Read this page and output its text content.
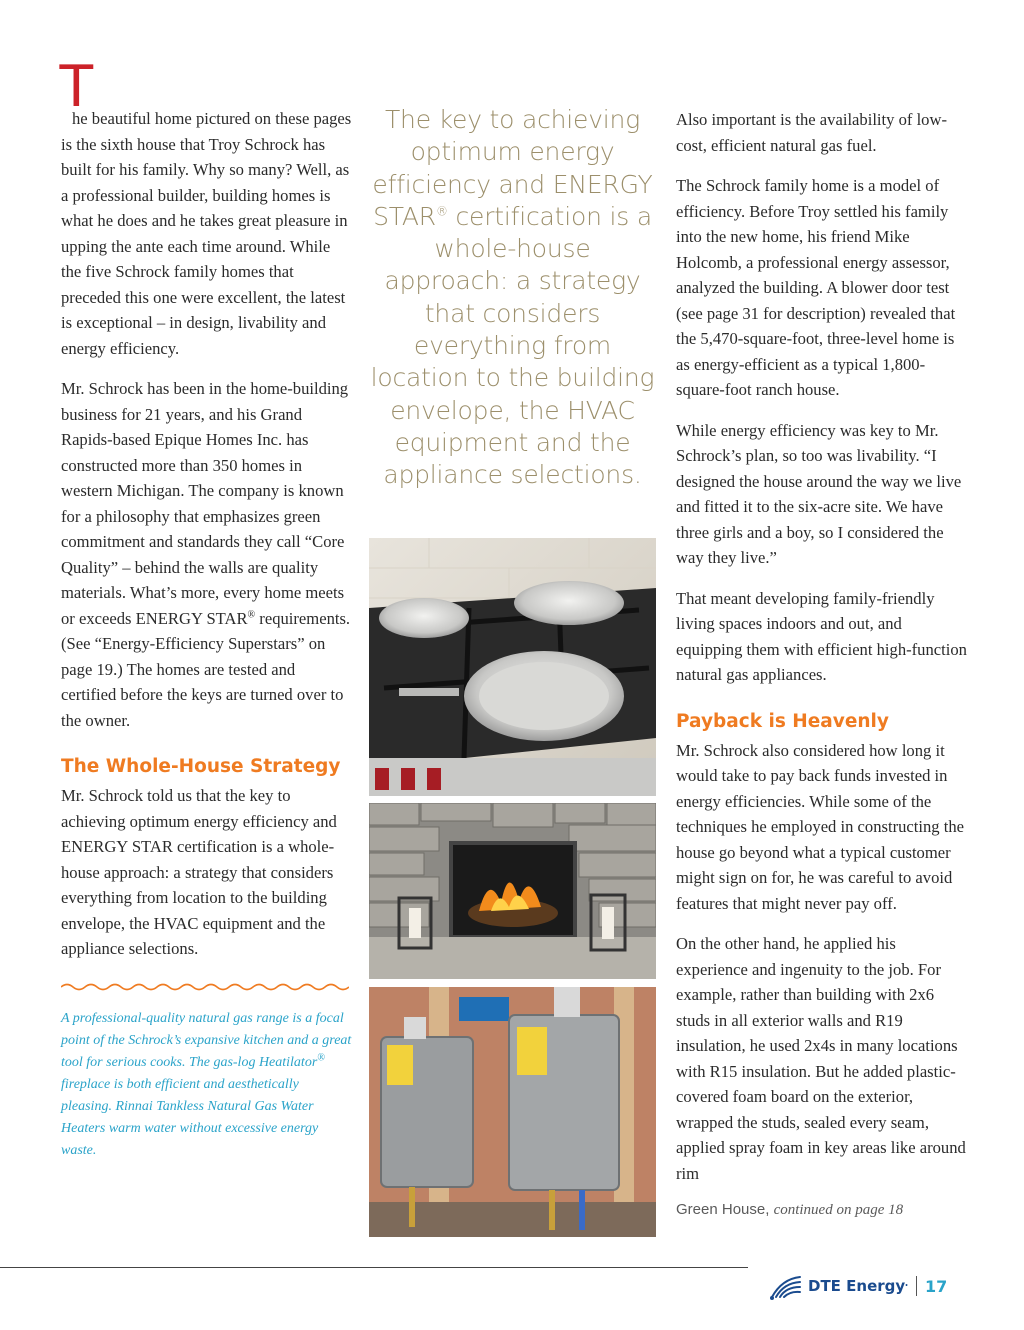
T

he beautiful home pictured on these pages is the sixth house that Troy Schrock has built for his family. Why so many? Well, as a professional builder, building homes is what he does and he takes great pleasure in upping the ante each time around. While the five Schrock family homes that preceded this one were excellent, the latest is exceptional – in design, livability and energy efficiency.

Mr. Schrock has been in the home-building business for 21 years, and his Grand Rapids-based Epique Homes Inc. has constructed more than 350 homes in western Michigan. The company is known for a philosophy that emphasizes green commitment and standards they call “Core Quality” – behind the walls are quality materials. What’s more, every home meets or exceeds ENERGY STAR® requirements. (See “Energy-Efficiency Superstars” on page 19.) The homes are tested and certified before the keys are turned over to the owner.

The Whole-House Strategy

Mr. Schrock told us that the key to achieving optimum energy efficiency and ENERGY STAR certification is a whole-house approach: a strategy that considers everything from location to the building envelope, the HVAC equipment and the appliance selections.

A professional-quality natural gas range is a focal point of the Schrock’s expansive kitchen and a great tool for serious cooks. The gas-log Heatilator® fireplace is both efficient and aesthetically pleasing. Rinnai Tankless Natural Gas Water Heaters warm water without excessive energy waste.

The key to achieving optimum energy efficiency and ENERGY STAR® certification is a whole-house approach: a strategy that considers everything from location to the building envelope, the HVAC equipment and the appliance selections.

Also important is the availability of low-cost, efficient natural gas fuel.

The Schrock family home is a model of efficiency. Before Troy settled his family into the new home, his friend Mike Holcomb, a professional energy assessor, analyzed the building. A blower door test (see page 31 for description) revealed that the 5,470-square-foot, three-level home is as energy-efficient as a typical 1,800-square-foot ranch house.

While energy efficiency was key to Mr. Schrock’s plan, so too was livability. “I designed the house around the way we live and fitted it to the six-acre site. We have three girls and a boy, so I considered the way they live.”

That meant developing family-friendly living spaces indoors and out, and equipping them with efficient high-function natural gas appliances.

Payback is Heavenly

Mr. Schrock also considered how long it would take to pay back funds invested in energy efficiencies. While some of the techniques he employed in constructing the house go beyond what a typical customer might sign on for, he was careful to avoid features that might never pay off.

On the other hand, he applied his experience and ingenuity to the job. For example, rather than building with 2x6 studs in all exterior walls and R19 insulation, he used 2x4s in many locations with R15 insulation. But he added plastic-covered foam board on the exterior, wrapped the studs, sealed every seam, applied spray foam in key areas like around rim

Green House, continued on page 18
DTE Energy • 17
